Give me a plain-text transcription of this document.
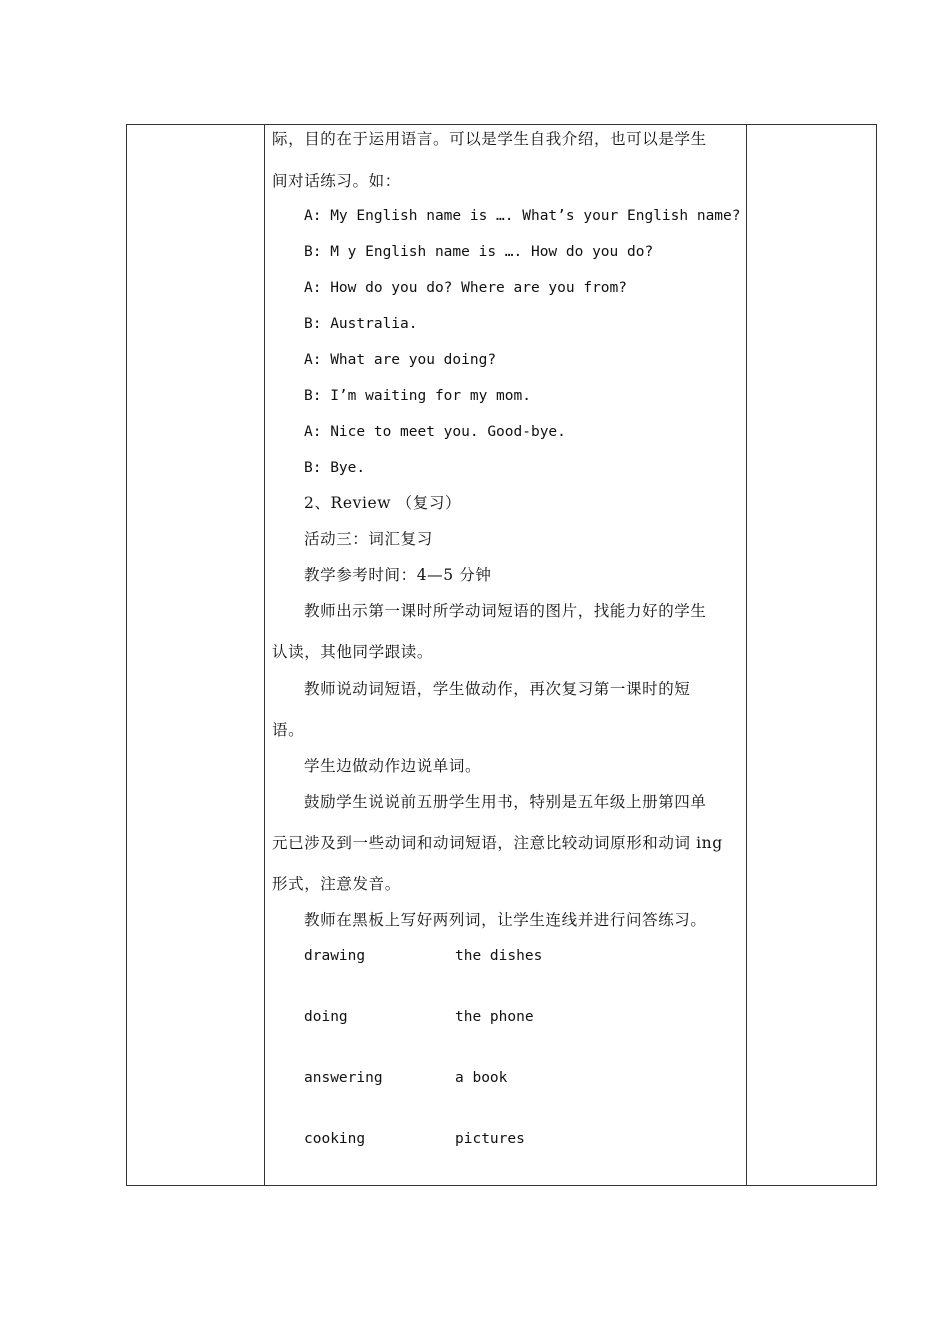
际，目的在于运用语言。可以是学生自我介绍，也可以是学生
间对话练习。如：
A: My English name is …. What’s your English name?
B: M y English name is …. How do you do?
A: How do you do? Where are you from?
B: Australia.
A: What are you doing?
B: I’m waiting for my mom.
A: Nice to meet you. Good-bye.
B: Bye.
2、Review （复习）
活动三：词汇复习
教学参考时间：4—5 分钟
教师出示第一课时所学动词短语的图片，找能力好的学生
认读，其他同学跟读。
教师说动词短语，学生做动作，再次复习第一课时的短
语。
学生边做动作边说单词。
鼓励学生说说前五册学生用书，特别是五年级上册第四单
元已涉及到一些动词和动词短语，注意比较动词原形和动词 ing
形式，注意发音。
教师在黑板上写好两列词，让学生连线并进行问答练习。
drawing	the dishes
doing	the phone
answering	a book
cooking	pictures
